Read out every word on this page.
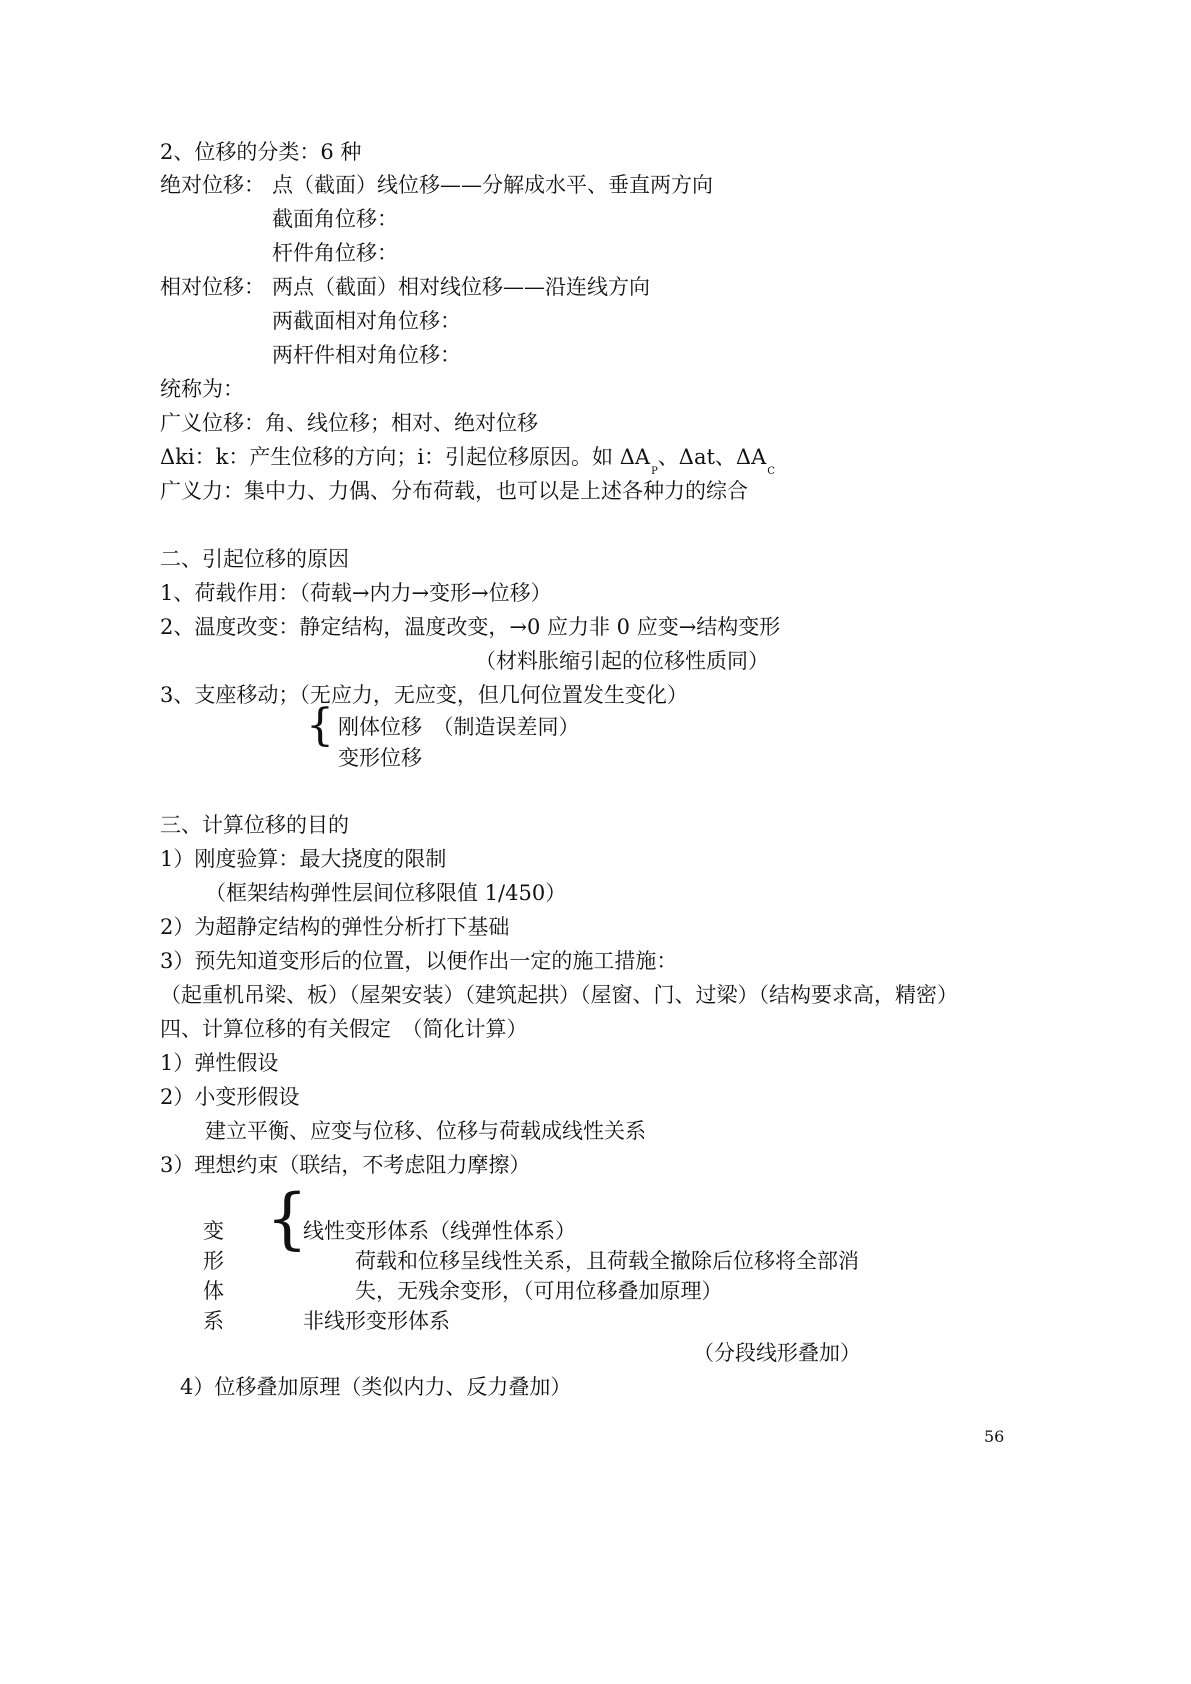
2、位移的分类：6 种
绝对位移： 点（截面）线位移——分解成水平、垂直两方向
截面角位移：
杆件角位移：
相对位移： 两点（截面）相对线位移——沿连线方向
两截面相对角位移：
两杆件相对角位移：
统称为：
广义位移：角、线位移；相对、绝对位移
Δki：k：产生位移的方向；i：引起位移原因。如 $\Delta A_P$、Δat、$\Delta A_C$
广义力：集中力、力偶、分布荷载，也可以是上述各种力的综合
二、引起位移的原因
1、荷载作用：（荷载→内力→变形→位移）
2、温度改变：静定结构，温度改变，→0 应力非 0 应变→结构变形
（材料胀缩引起的位移性质同）
3、支座移动；（无应力，无应变，但几何位置发生变化）
{ 刚体位移　（制造误差同）
变形位移
三、计算位移的目的
1）刚度验算：最大挠度的限制
（框架结构弹性层间位移限值 1/450）
2）为超静定结构的弹性分析打下基础
3）预先知道变形后的位置，以便作出一定的施工措施：
（起重机吊梁、板）（屋架安装）（建筑起拱）（屋窗、门、过梁）（结构要求高，精密）
四、计算位移的有关假定　（简化计算）
1）弹性假设
2）小变形假设
建立平衡、应变与位移、位移与荷载成线性关系
3）理想约束（联结，不考虑阻力摩擦）
变
形
体
系
{
线性变形体系（线弹性体系）
荷载和位移呈线性关系，且荷载全撤除后位移将全部消
失，无残余变形，（可用位移叠加原理）
非线形变形体系
（分段线形叠加）
4）位移叠加原理（类似内力、反力叠加）
56
